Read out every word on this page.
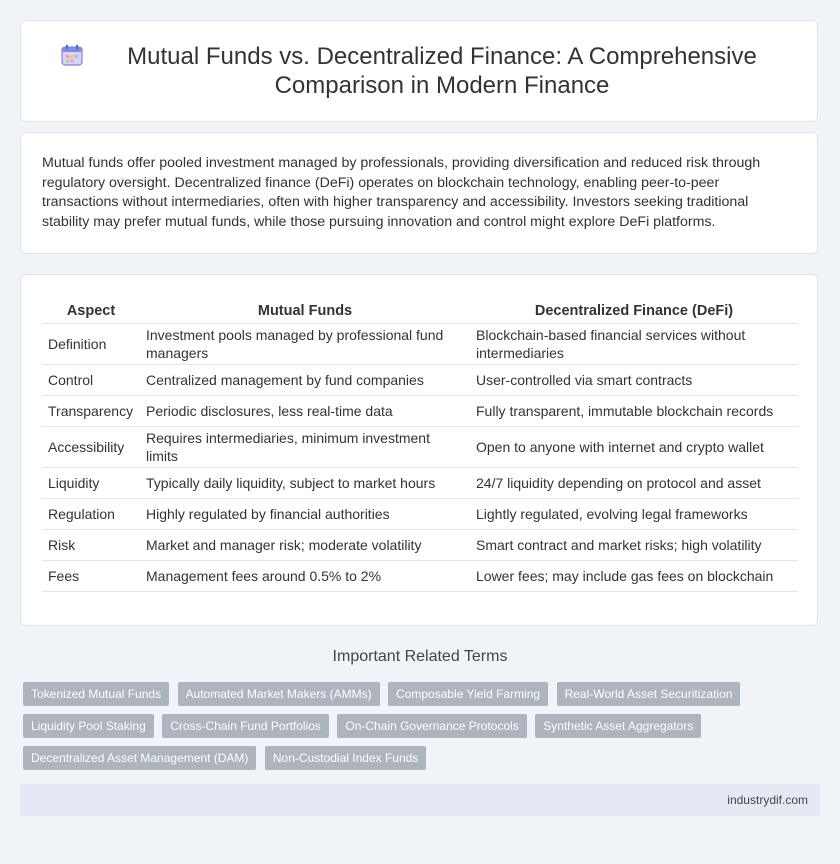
Mutual Funds vs. Decentralized Finance: A Comprehensive Comparison in Modern Finance

Mutual funds offer pooled investment managed by professionals, providing diversification and reduced risk through regulatory oversight. Decentralized finance (DeFi) operates on blockchain technology, enabling peer-to-peer transactions without intermediaries, often with higher transparency and accessibility. Investors seeking traditional stability may prefer mutual funds, while those pursuing innovation and control might explore DeFi platforms.

Aspect	Mutual Funds	Decentralized Finance (DeFi)
Definition	Investment pools managed by professional fund managers	Blockchain-based financial services without intermediaries
Control	Centralized management by fund companies	User-controlled via smart contracts
Transparency	Periodic disclosures, less real-time data	Fully transparent, immutable blockchain records
Accessibility	Requires intermediaries, minimum investment limits	Open to anyone with internet and crypto wallet
Liquidity	Typically daily liquidity, subject to market hours	24/7 liquidity depending on protocol and asset
Regulation	Highly regulated by financial authorities	Lightly regulated, evolving legal frameworks
Risk	Market and manager risk; moderate volatility	Smart contract and market risks; high volatility
Fees	Management fees around 0.5% to 2%	Lower fees; may include gas fees on blockchain
Important Related Terms
Tokenized Mutual Funds Automated Market Makers (AMMs) Composable Yield Farming Real-World Asset Securitization Liquidity Pool Staking Cross-Chain Fund Portfolios On-Chain Governance Protocols Synthetic Asset Aggregators Decentralized Asset Management (DAM) Non-Custodial Index Funds
industrydif.com
